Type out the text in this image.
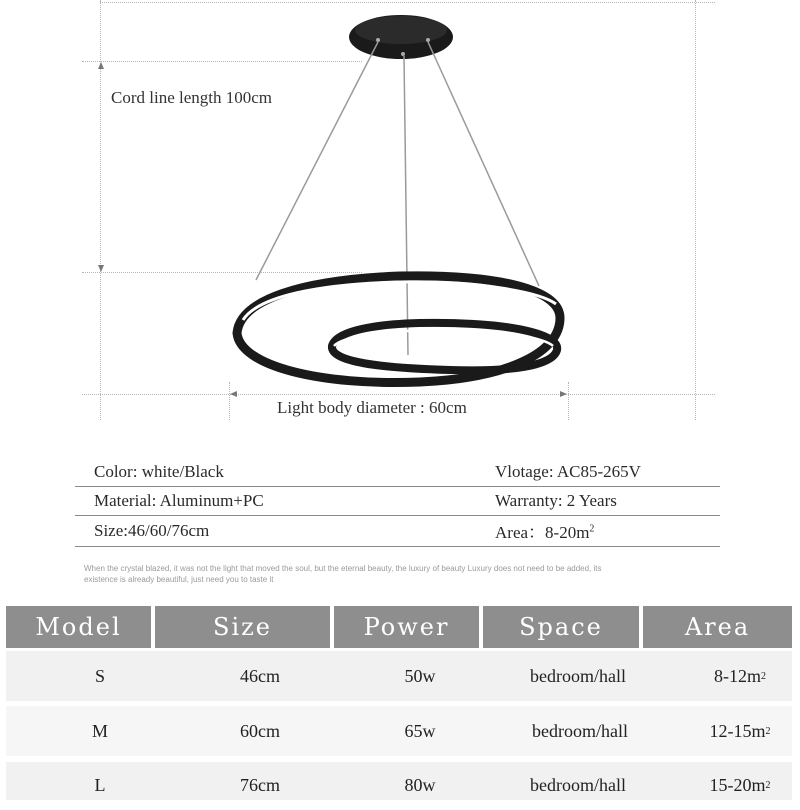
Cord line length 100cm
Light body diameter : 60cm
Color: white/Black	Vlotage: AC85-265V
Material: Aluminum+PC	Warranty: 2 Years
Size:46/60/76cm	Area：$8-20m^2$
When the crystal blazed, it was not the light that moved the soul, but the eternal beauty, the luxury of beauty Luxury does not need to be added, its existence is already beautiful, just need you to taste it
Model	Size	Power	Space	Area
S	46cm	50w	bedroom/hall	8-12m 2
M	60cm	65w	bedroom/hall	12-15m 2
L	76cm	80w	bedroom/hall	15-20m 2
